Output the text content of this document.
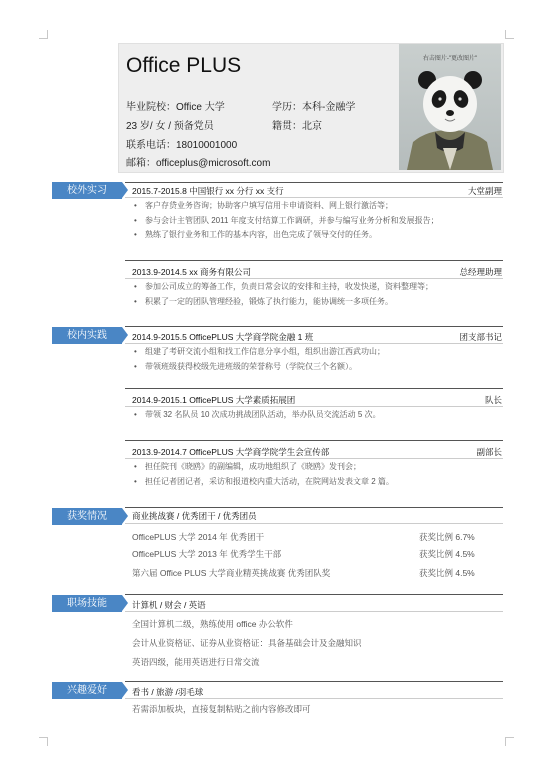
Office PLUS
毕业院校：Office 大学	学历：本科-金融学
23 岁/ 女 / 预备党员	籍贯：北京
联系电话：18010001000
邮箱：officeplus@microsoft.com
右击图片-"更改图片"
校外实习	2015.7-2015.8 中国银行 xx 分行 xx 支行	大堂副理
• 客户存贷业务咨询；协助客户填写信用卡申请资料、网上银行激活等；
• 参与会计主管团队 2011 年度支付结算工作调研，并参与编写业务分析和发展报告；
• 熟练了银行业务和工作的基本内容，出色完成了领导交付的任务。
2013.9-2014.5 xx 商务有限公司	总经理助理
• 参加公司成立的筹备工作，负责日常会议的安排和主持，收发快递，资料整理等；
• 积累了一定的团队管理经验，锻炼了执行能力，能协调统一多项任务。
校内实践	2014.9-2015.5 OfficePLUS 大学商学院金融 1 班	团支部书记
• 组建了考研交流小组和找工作信息分享小组，组织出游江西武功山；
• 带领班级获得校级先进班级的荣誉称号（学院仅三个名额）。
2014.9-2015.1 OfficePLUS 大学素质拓展团	队长
• 带领 32 名队员 10 次成功挑战团队活动，举办队员交流活动 5 次。
2013.9-2014.7 OfficePLUS 大学商学院学生会宣传部	副部长
• 担任院刊《晓鸥》的副编辑，成功地组织了《晓鸥》发刊会；
• 担任记者团记者，采访和报道校内重大活动，在院网站发表文章 2 篇。
获奖情况	商业挑战赛 / 优秀团干 / 优秀团员
OfficePLUS 大学 2014 年 优秀团干	获奖比例 6.7%
OfficePLUS 大学 2013 年 优秀学生干部	获奖比例 4.5%
第六届 Office PLUS 大学商业精英挑战赛 优秀团队奖	获奖比例 4.5%
职场技能	计算机 / 财会 / 英语
全国计算机二级，熟练使用 office 办公软件
会计从业资格证、证券从业资格证：具备基础会计及金融知识
英语四级，能用英语进行日常交流
兴趣爱好	看书 / 旅游 /羽毛球
若需添加板块，直接复制粘贴之前内容修改即可
